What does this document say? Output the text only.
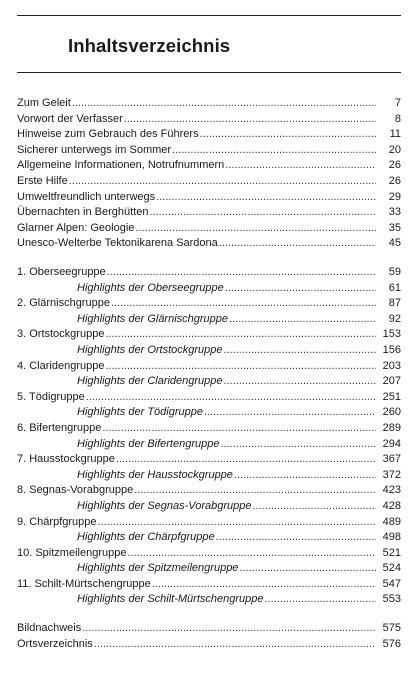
Inhaltsverzeichnis
Zum Geleit .....	7
Vorwort der Verfasser .....	8
Hinweise zum Gebrauch des Führers .....	11
Sicherer unterwegs im Sommer .....	20
Allgemeine Informationen, Notrufnummern .....	26
Erste Hilfe .....	26
Umweltfreundlich unterwegs .....	29
Übernachten in Berghütten .....	33
Glarner Alpen: Geologie .....	35
Unesco-Welterbe Tektonikarena Sardona .....	45
1. Oberseegruppe .....	59
Highlights der Oberseegruppe .....	61
2. Glärnischgruppe .....	87
Highlights der Glärnischgruppe .....	92
3. Ortstockgruppe .....	153
Highlights der Ortstockgruppe .....	156
4. Claridengruppe .....	203
Highlights der Claridengruppe .....	207
5. Tödigruppe .....	251
Highlights der Tödigruppe .....	260
6. Bifertengruppe .....	289
Highlights der Bifertengruppe .....	294
7. Hausstockgruppe .....	367
Highlights der Hausstockgruppe .....	372
8. Segnas-Vorabgruppe .....	423
Highlights der Segnas-Vorabgruppe .....	428
9. Chärpfgruppe .....	489
Highlights der Chärpfgruppe .....	498
10. Spitzmeilengruppe .....	521
Highlights der Spitzmeilengruppe .....	524
11. Schilt-Mürtschengruppe .....	547
Highlights der Schilt-Mürtschengruppe .....	553
Bildnachweis .....	575
Ortsverzeichnis .....	576
